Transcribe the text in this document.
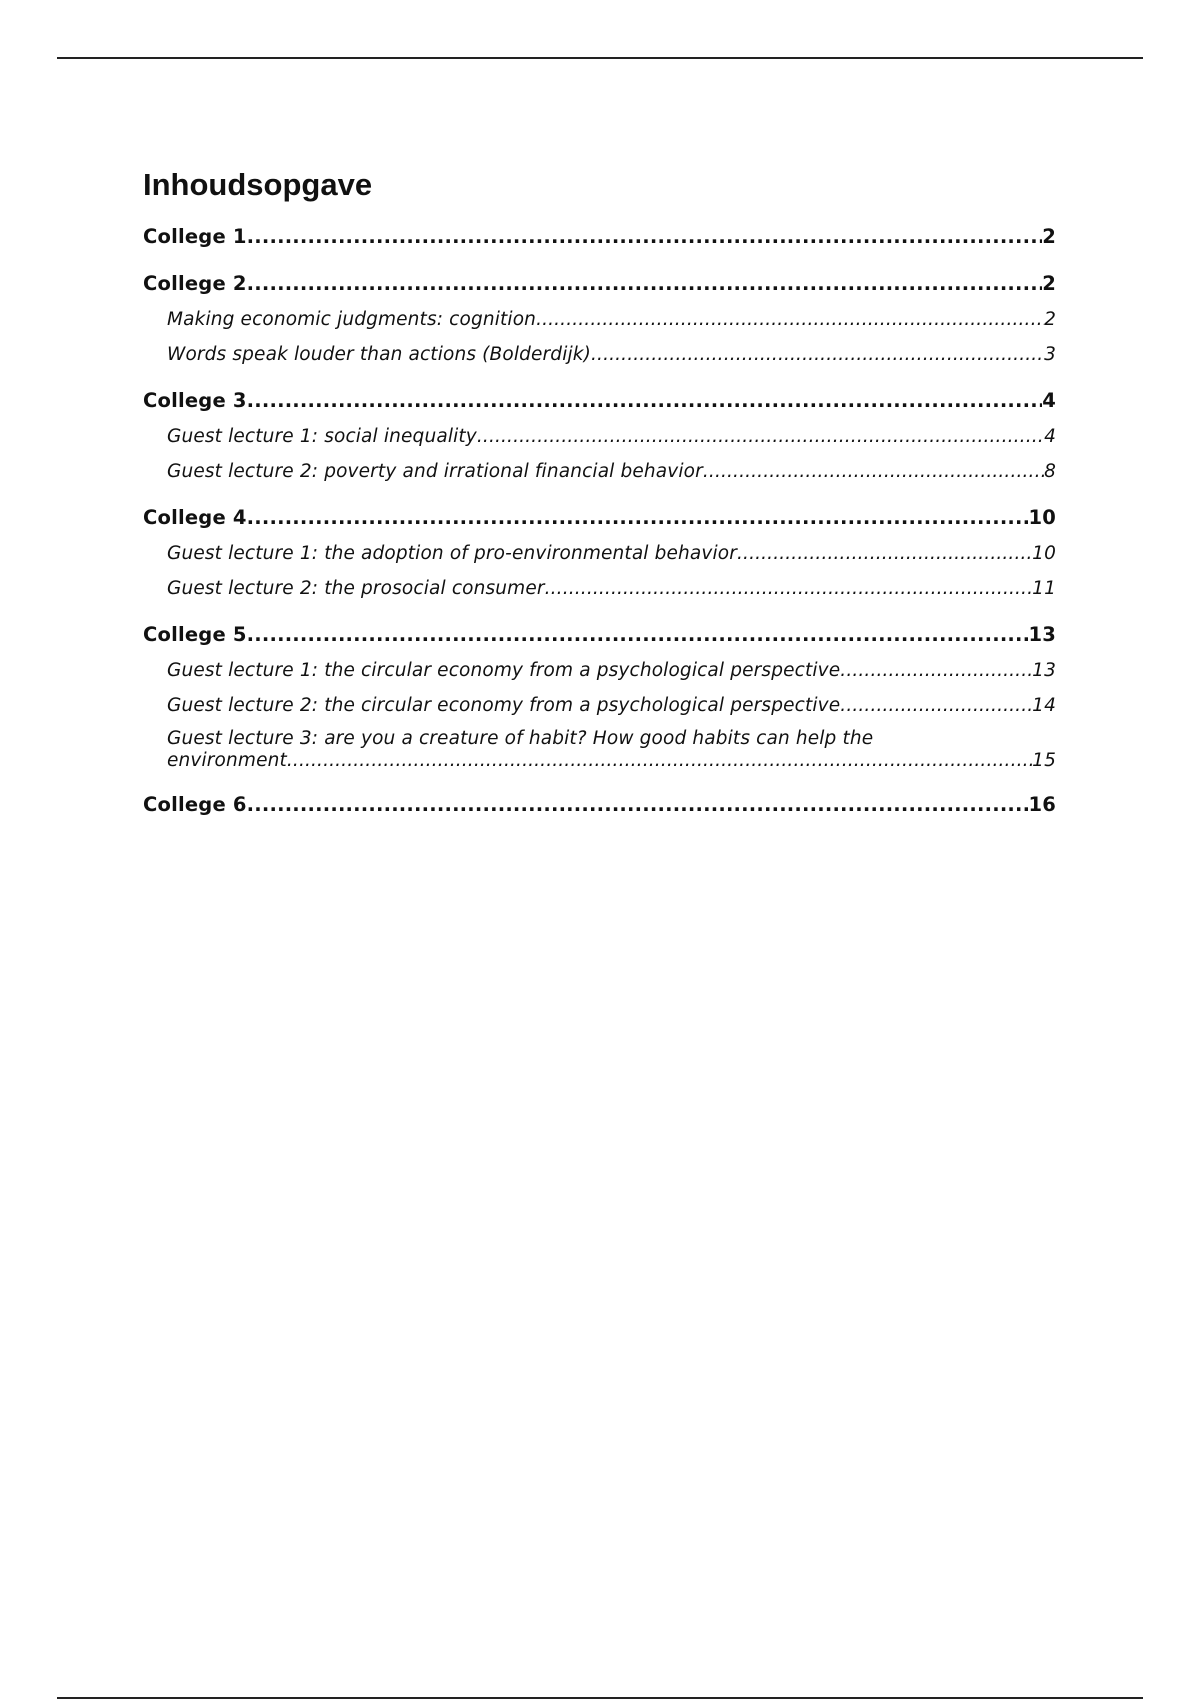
Inhoudsopgave
College 1 .....	2
College 2 .....	2
Making economic judgments: cognition .....	2
Words speak louder than actions (Bolderdijk) .....	3
College 3 .....	4
Guest lecture 1: social inequality .....	4
Guest lecture 2: poverty and irrational financial behavior .....	8
College 4 .....	10
Guest lecture 1: the adoption of pro-environmental behavior .....	10
Guest lecture 2: the prosocial consumer .....	11
College 5 .....	13
Guest lecture 1: the circular economy from a psychological perspective .....	13
Guest lecture 2: the circular economy from a psychological perspective .....	14
Guest lecture 3: are you a creature of habit? How good habits can help the
environment .....	15
College 6 .....	16
